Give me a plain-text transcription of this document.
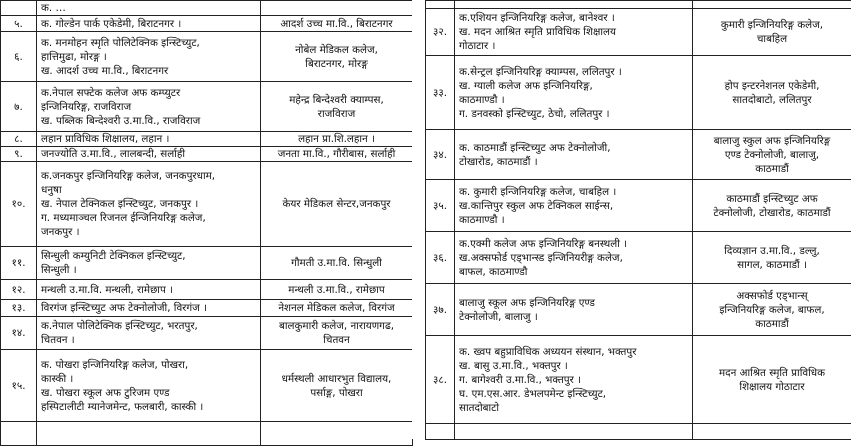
	क. …	

५.	क. गोल्डेन पार्क एकेडेमी, बिराटनगर ।	आदर्श उच्च मा.वि., बिराटनगर

६.	क. मनमोहन स्मृति पोलिटेक्निक इन्स्टिच्युट,
हात्तिमुढा, मोरङ्ग ।
ख. आदर्श उच्च मा.वि., बिराटनगर	नोबेल मेडिकल कलेज,
बिराटनगर, मोरङ्ग

७.	क.नेपाल सफ्टेक कलेज अफ कम्प्युटर
इन्जिनियरिङ्ग, राजविराज
ख. पब्लिक बिन्देश्वरी उ.मा.वि., राजविराज	महेन्द्र बिन्देश्वरी क्याम्पस,
राजविराज

८.	लहान प्राविधिक शिक्षालय, लहान ।	लहान प्रा.शि.लहान ।

९.	जनज्योति उ.मा.वि., लालबन्दी, सर्लाही	जनता मा.वि., गौरीबास, सर्लाही

१०.	क.जनकपुर इन्जिनियरिङ्ग कलेज, जनकपुरधाम,
धनुषा
ख. नेपाल टेक्निकल इन्स्टिच्युट, जनकपुर ।
ग. मध्यमाञ्चल रिजनल ईन्जिनियरिङ्ग कलेज,
जनकपुर ।	केयर मेडिकल सेन्टर,जनकपुर

११.	सिन्धुली कम्युनिटी टेक्निकल इन्स्टिच्युट,
सिन्धुली ।	गौमती उ.मा.वि. सिन्धुली

१२.	मन्थली उ.मा.वि. मन्थली, रामेछाप ।	मन्थली उ.मा.वि., रामेछाप

१३.	विरगंज इन्स्टिच्युट अफ टेक्नोलोजी, विरगंज ।	नेशनल मेडिकल कलेज, विरगंज

१४.	क.नेपाल पोलिटेक्निक इन्स्टिच्युट, भरतपुर,
चितवन ।	बालकुमारी कलेज, नारायणगढ,
चितवन

१५.	क. पोखरा इन्जिनियरिङ्ग कलेज, पोखरा,
कास्की ।
ख. पोखरा स्कूल अफ टुरिजम एण्ड
हस्पिटालीटी म्यानेजमेन्ट, फलबारी, कास्की ।	धर्मस्थली आधारभुत विद्यालय,
पर्साङ्ग, पोखरा

३२.	क.एशियन इन्जिनियरिङ्ग कलेज, बानेश्वर ।
ख. मदन आश्रित स्मृति प्राविधिक शिक्षालय
गोठाटार ।	कुमारी इन्जिनियरिङ्ग कलेज,
चाबहिल

३३.	क.सेन्ट्रल इन्जिनियरिङ्ग क्याम्पस, ललितपुर ।
ख. ग्याली कलेज अफ इन्जिनियरिङ्ग,
काठमाण्डौ ।
ग. डनवस्को इन्स्टिच्युट, ठेचो, ललितपुर ।	होप इन्टरनेशनल एकेडेमी,
सातदोबाटो, ललितपुर

३४.	क. काठमाडौं इन्स्टिच्युट अफ टेक्नोलोजी,
टोखारोड, काठमाडौं ।	बालाजु स्कुल अफ इन्जिनियरिङ्ग
एण्ड टेक्नोलोजी, बालाजु,
काठमाडौं

३५.	क. कुमारी इन्जिनियरिङ्ग कलेज, चाबहिल ।
ख.कान्तिपुर स्कुल अफ टेक्निकल साईन्स,
काठमाण्डौ ।	काठमाडौं इन्स्टिच्युट अफ
टेक्नोलोजी, टोखारोड, काठमाडौं

३६.	क.एक्मी कलेज अफ इन्जिनियरिङ्ग बनस्थली ।
ख.अक्सफोर्ड एड्भान्स्ड इन्जिनियरीङ्ग कलेज,
बाफल, काठमाण्डौ	दिव्यज्ञान उ.मा.वि., डल्लु,
सागल, काठमाडौं ।

३७.	बालाजु स्कूल अफ इन्जिनियरिङ्ग एण्ड
टेक्नोलोजी, बालाजु ।	अक्सफोर्ड एड्भान्स्
इन्जिनियरिङ्ग कलेज, बाफल,
काठमाडौं

३८.	क. ख्वप बहुप्राविधिक अध्ययन संस्थान, भक्तपुर
ख. बासु उ.मा.वि., भक्तपुर ।
ग. बागेश्वरी उ.मा.वि., भक्तपुर ।
घ. एम.एस.आर. डेभलपमेन्ट इन्स्टिच्युट,
सातदोबाटो	मदन आश्रित स्मृति प्राविधिक
शिक्षालय गोठाटार
